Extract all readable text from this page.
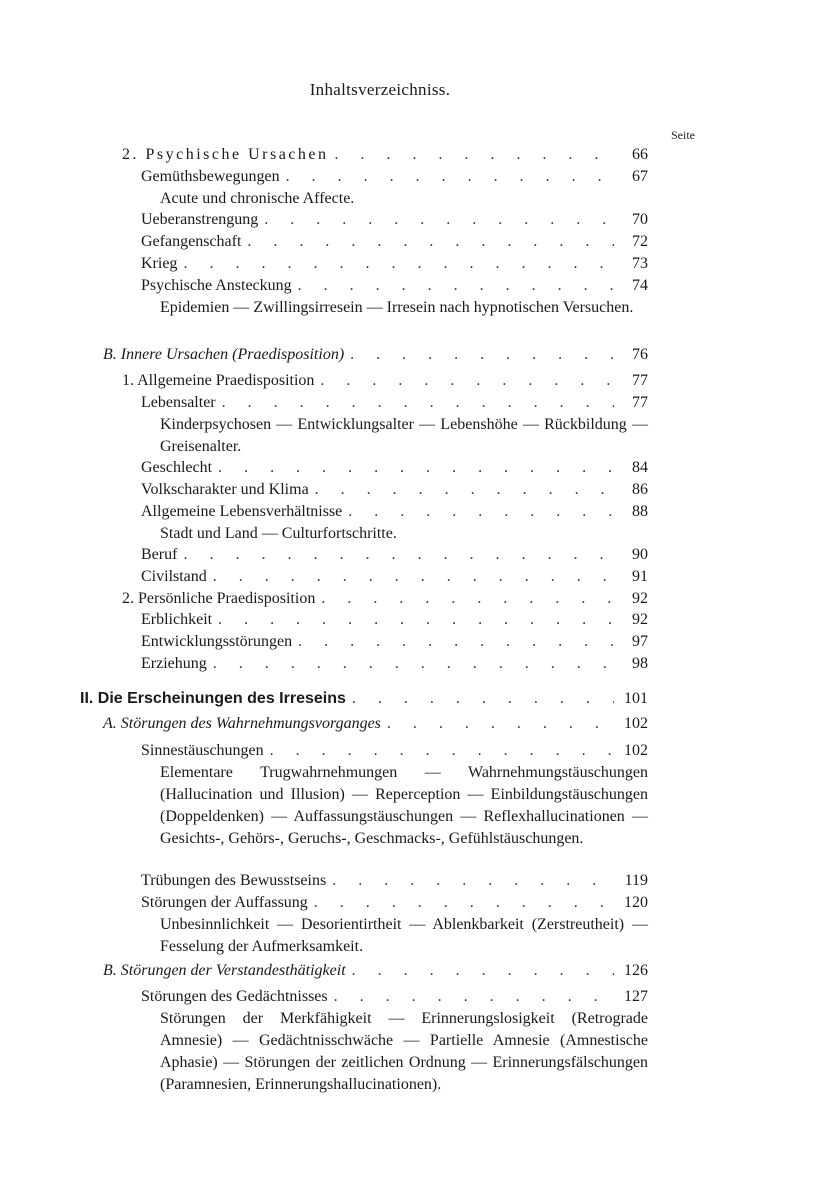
Inhaltsverzeichniss.
Seite
2. Psychische Ursachen . . .	66
Gemüthsbewegungen . . .	67
Acute und chronische Affecte.
Ueberanstrengung . . .	70
Gefangenschaft . . .	72
Krieg . . .	73
Psychische Ansteckung . . .	74
Epidemien — Zwillingsirresein — Irresein nach hypnotischen Versuchen.
B. Innere Ursachen (Praedisposition) . . .	76
1. Allgemeine Praedisposition . . .	77
Lebensalter . . .	77
Kinderpsychosen — Entwicklungsalter — Lebenshöhe — Rückbildung — Greisenalter.
Geschlecht . . .	84
Volkscharakter und Klima . . .	86
Allgemeine Lebensverhältnisse . . .	88
Stadt und Land — Culturfortschritte.
Beruf . . .	90
Civilstand . . .	91
2. Persönliche Praedisposition . . .	92
Erblichkeit . . .	92
Entwicklungsstörungen . . .	97
Erziehung . . .	98
II. Die Erscheinungen des Irreseins . . .	101
A. Störungen des Wahrnehmungsvorganges . . .	102
Sinnestäuschungen . . .	102
Elementare Trugwahrnehmungen — Wahrnehmungstäuschungen (Hallucination und Illusion) — Reperception — Einbildungstäuschungen (Doppeldenken) — Auffassungstäuschungen — Reflexhallucinationen — Gesichts-, Gehörs-, Geruchs-, Geschmacks-, Gefühlstäuschungen.
Trübungen des Bewusstseins . . .	119
Störungen der Auffassung . . .	120
Unbesinnlichkeit — Desorientirtheit — Ablenkbarkeit (Zerstreutheit) — Fesselung der Aufmerksamkeit.
B. Störungen der Verstandesthätigkeit . . .	126
Störungen des Gedächtnisses . . .	127
Störungen der Merkfähigkeit — Erinnerungslosigkeit (Retrograde Amnesie) — Gedächtnisschwäche — Partielle Amnesie (Amnestische Aphasie) — Störungen der zeitlichen Ordnung — Erinnerungsfälschungen (Paramnesien, Erinnerungshallucinationen).
